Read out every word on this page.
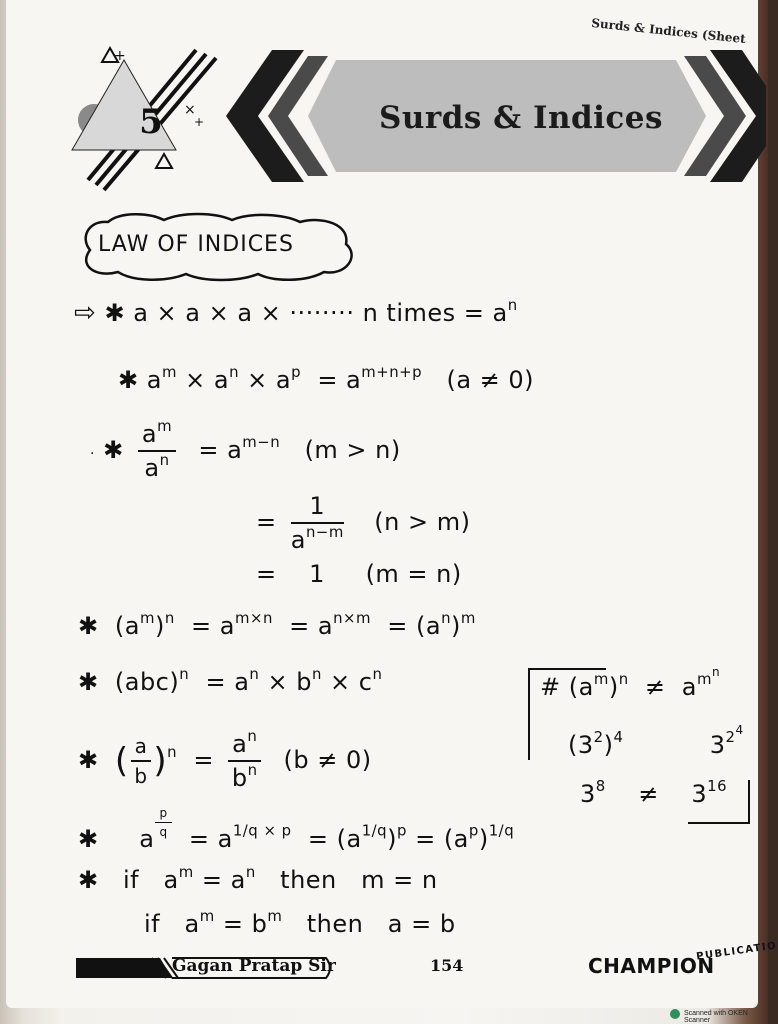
Surds & Indices (Sheet
+
×
+
5	Surds & Indices
LAW OF INDICES
⇨ ✱ a × a × a × ········ n times = $a^n$
✱ $a^m \times a^n \times a^p = a^{m+n+p}$ (a ≠ 0)
· ✱ $\frac{a^m}{a^n} = a^{m-n}$ (m > n)
= $\frac{1}{a^{n-m}} (n > m)$
= 1 (m = n)
✱ $(a^m)^n = a^{m\times n} = a^{n\times m} = (a^n)^m$
✱ $(abc)^n = a^n \times b^n \times c^n$	# $(a^m)^n \ne a^{mn}$
$(3^2)^4$	$3^{24}$
$3^8 \ne 3^{16}$
✱ ( $\frac{a}{b} )^n = \frac{a^n}{b^n} (b \ne 0)$
✱ a $\frac{p}{q} = a^{1/q \times p} = (a^{1/q})^p = (a^p)^{1/q}$
✱ if $a^m = a^n$ then m = n
if $a^m = b^m$ then a = b
Gagan Pratap Sir	154	CHAMPION
PUBLICATIO
Scanned with OKEN Scanner
